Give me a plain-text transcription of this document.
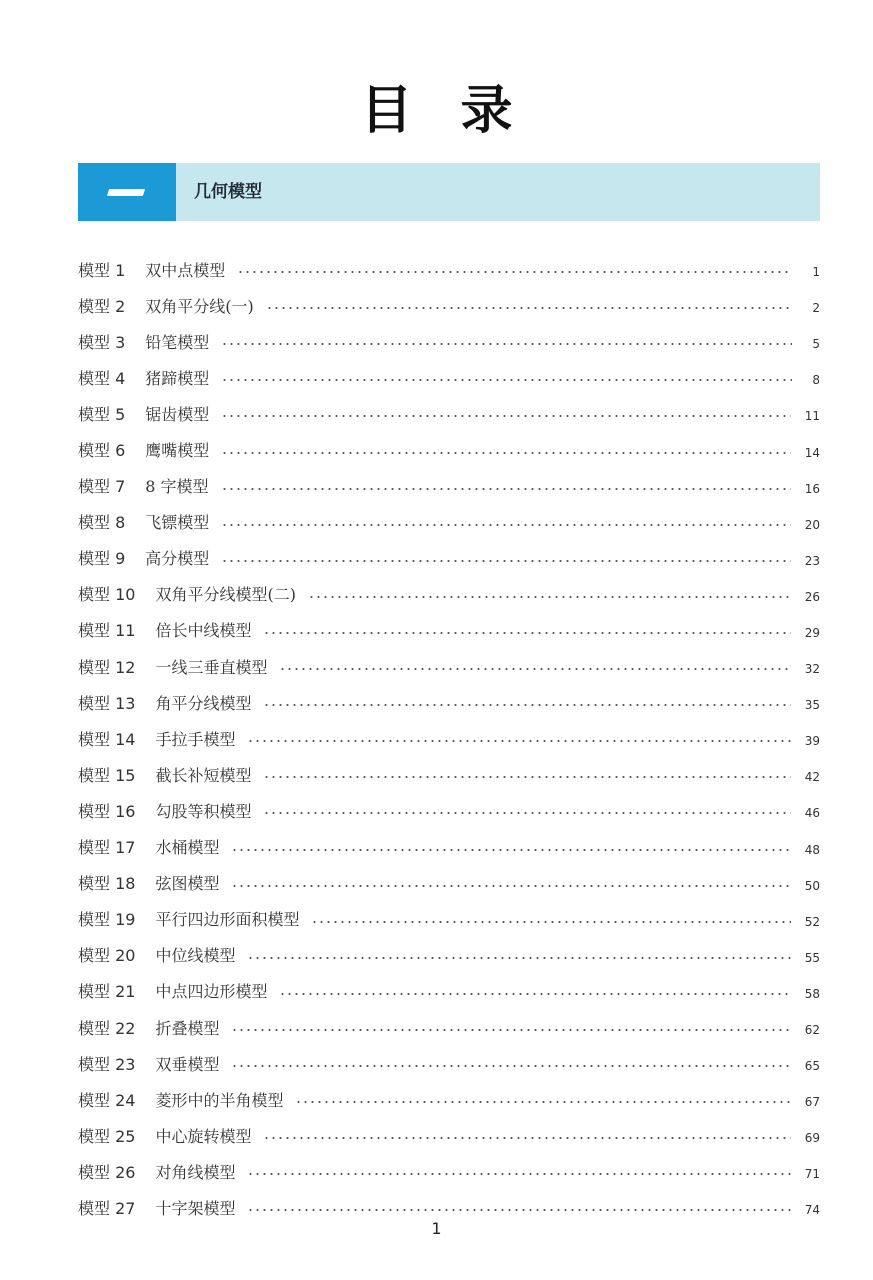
目录
几何模型
模型 1 双中点模型	1
模型 2 双角平分线(一)	2
模型 3 铅笔模型	5
模型 4 猪蹄模型	8
模型 5 锯齿模型	11
模型 6 鹰嘴模型	14
模型 7 8 字模型	16
模型 8 飞镖模型	20
模型 9 高分模型	23
模型 10 双角平分线模型(二)	26
模型 11 倍长中线模型	29
模型 12 一线三垂直模型	32
模型 13 角平分线模型	35
模型 14 手拉手模型	39
模型 15 截长补短模型	42
模型 16 勾股等积模型	46
模型 17 水桶模型	48
模型 18 弦图模型	50
模型 19 平行四边形面积模型	52
模型 20 中位线模型	55
模型 21 中点四边形模型	58
模型 22 折叠模型	62
模型 23 双垂模型	65
模型 24 菱形中的半角模型	67
模型 25 中心旋转模型	69
模型 26 对角线模型	71
模型 27 十字架模型	74
1
